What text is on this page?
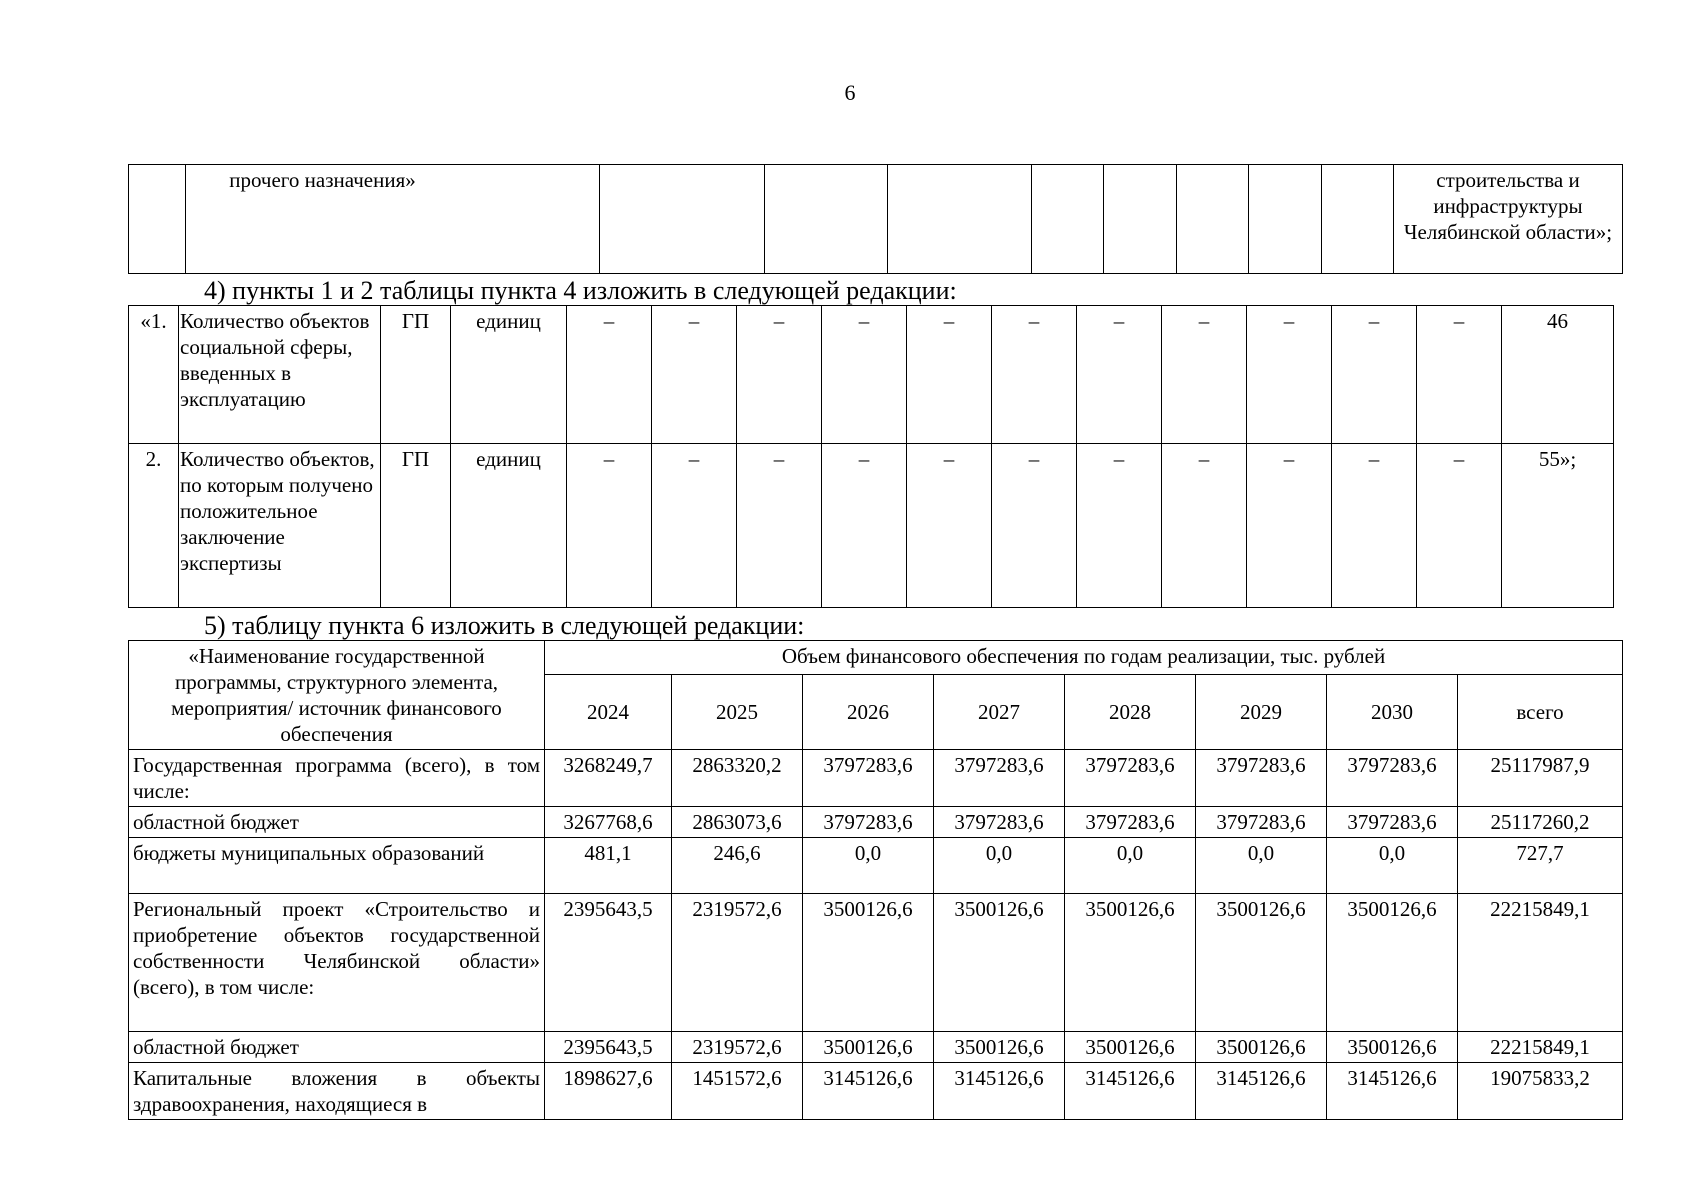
6
	прочего назначения»									строительства и инфраструктуры Челябинской области»;
4) пункты 1 и 2 таблицы пункта 4 изложить в следующей редакции:
«1.	Количество объектов социальной сферы, введенных в эксплуатацию	ГП	единиц	–	–	–	–	–	–	–	–	–	–	–	46
2.	Количество объектов, по которым получено положительное заключение экспертизы	ГП	единиц	–	–	–	–	–	–	–	–	–	–	–	55»;
5) таблицу пункта 6 изложить в следующей редакции:
«Наименование государственной программы, структурного элемента, мероприятия/ источник финансового обеспечения	Объем финансового обеспечения по годам реализации, тыс. рублей							
	2024	2025	2026	2027	2028	2029	2030	всего
Государственная программа (всего), в том числе:	3268249,7	2863320,2	3797283,6	3797283,6	3797283,6	3797283,6	3797283,6	25117987,9
областной бюджет	3267768,6	2863073,6	3797283,6	3797283,6	3797283,6	3797283,6	3797283,6	25117260,2
бюджеты муниципальных образований	481,1	246,6	0,0	0,0	0,0	0,0	0,0	727,7
Региональный проект «Строительство и приобретение объектов государственной собственности Челябинской области» (всего), в том числе:	2395643,5	2319572,6	3500126,6	3500126,6	3500126,6	3500126,6	3500126,6	22215849,1
областной бюджет	2395643,5	2319572,6	3500126,6	3500126,6	3500126,6	3500126,6	3500126,6	22215849,1
Капитальные вложения в объекты здравоохранения, находящиеся в	1898627,6	1451572,6	3145126,6	3145126,6	3145126,6	3145126,6	3145126,6	19075833,2
